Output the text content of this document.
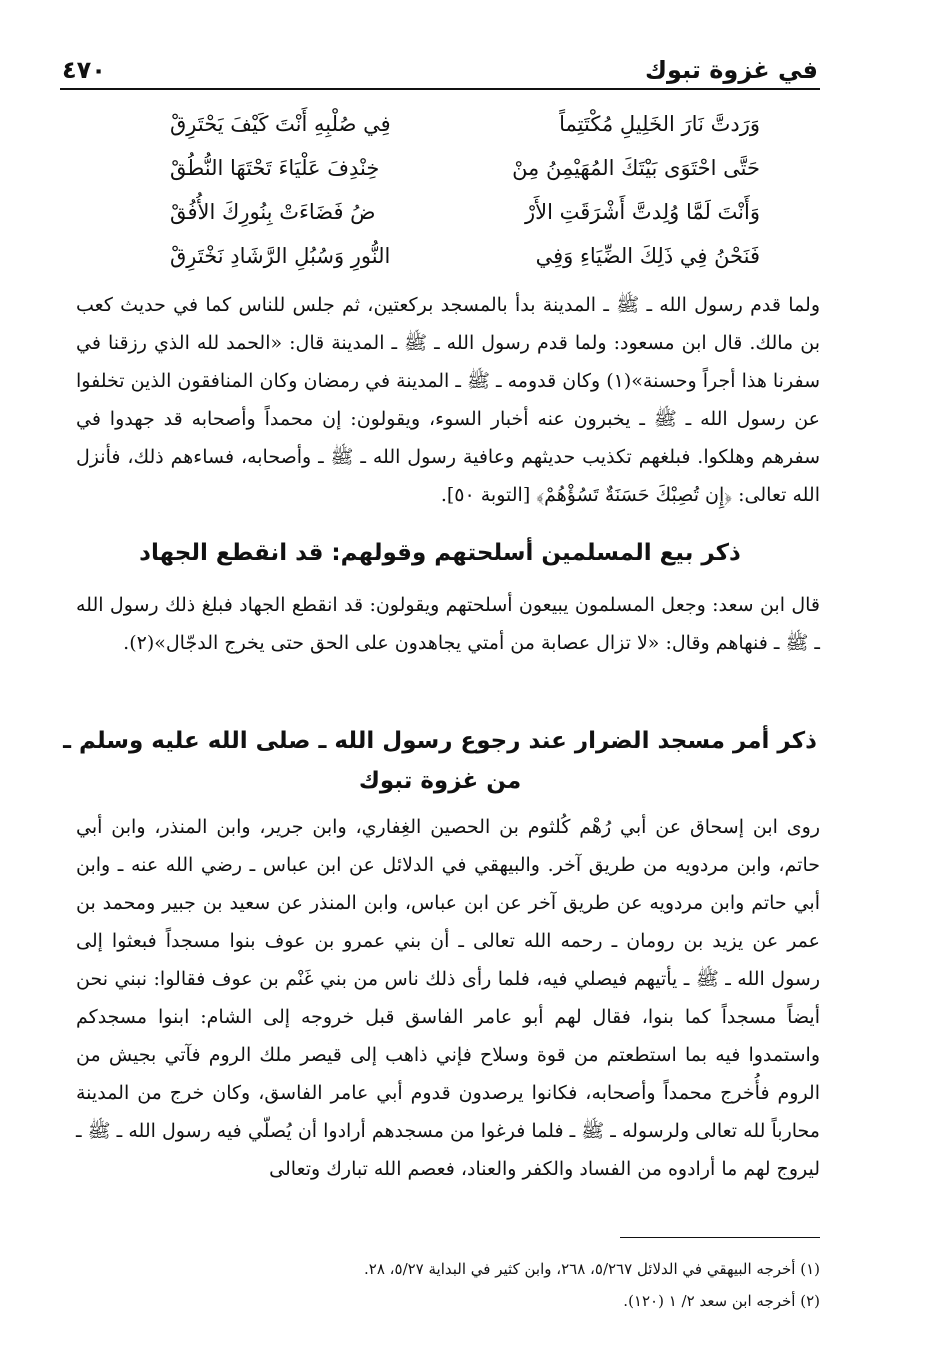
في غزوة تبوك
٤٧٠
وَرَدتَّ نَارَ الخَلِيلِ مُكْتَتِماً
فِي صُلْبِهِ أَنْتَ كَيْفَ يَحْتَرِقْ
حَتَّى احْتَوَى بَيْتَكَ المُهَيْمِنُ مِنْ
خِنْدِفَ عَلْيَاءَ تَحْتَهَا النُّطُقْ
وَأَنْتَ لَمَّا وُلِدتَّ أَشْرَقَتِ الأَرْ
ضُ فَضَاءَتْ بِنُورِكَ الأُفُقْ
فَنَحْنُ فِي ذَلِكَ الضِّيَاءِ وَفِي
النُّورِ وَسُبُلِ الرَّشَادِ نَخْتَرِقْ

ولما قدم رسول الله ـ ﷺ ـ المدينة بدأ بالمسجد بركعتين، ثم جلس للناس كما في حديث كعب بن مالك. قال ابن مسعود: ولما قدم رسول الله ـ ﷺ ـ المدينة قال: «الحمد لله الذي رزقنا في سفرنا هذا أجراً وحسنة»(١) وكان قدومه ـ ﷺ ـ المدينة في رمضان وكان المنافقون الذين تخلفوا عن رسول الله ـ ﷺ ـ يخبرون عنه أخبار السوء، ويقولون: إن محمداً وأصحابه قد جهدوا في سفرهم وهلكوا. فبلغهم تكذيب حديثهم وعافية رسول الله ـ ﷺ ـ وأصحابه، فساءهم ذلك، فأنزل الله تعالى: ﴿إِن تُصِبْكَ حَسَنَةٌ تَسُؤْهُمْ﴾ [التوبة ٥٠].

ذكر بيع المسلمين أسلحتهم وقولهم: قد انقطع الجهاد

قال ابن سعد: وجعل المسلمون يبيعون أسلحتهم ويقولون: قد انقطع الجهاد فبلغ ذلك رسول الله ـ ﷺ ـ فنهاهم وقال: «لا تزال عصابة من أمتي يجاهدون على الحق حتى يخرج الدجّال»(٢).

ذكر أمر مسجد الضرار عند رجوع رسول الله ـ صلى الله عليه وسلم ـ
من غزوة تبوك

روى ابن إسحاق عن أبي رُهْم كُلثوم بن الحصين الغِفاري، وابن جرير، وابن المنذر، وابن أبي حاتم، وابن مردويه من طريق آخر. والبيهقي في الدلائل عن ابن عباس ـ رضي الله عنه ـ وابن أبي حاتم وابن مردويه عن طريق آخر عن ابن عباس، وابن المنذر عن سعيد بن جبير ومحمد بن عمر عن يزيد بن رومان ـ رحمه الله تعالى ـ أن بني عمرو بن عوف بنوا مسجداً فبعثوا إلى رسول الله ـ ﷺ ـ يأتيهم فيصلي فيه، فلما رأى ذلك ناس من بني غَنْم بن عوف فقالوا: نبني نحن أيضاً مسجداً كما بنوا، فقال لهم أبو عامر الفاسق قبل خروجه إلى الشام: ابنوا مسجدكم واستمدوا فيه بما استطعتم من قوة وسلاح فإني ذاهب إلى قيصر ملك الروم فآتي بجيش من الروم فأُخرج محمداً وأصحابه، فكانوا يرصدون قدوم أبي عامر الفاسق، وكان خرج من المدينة محارباً لله تعالى ولرسوله ـ ﷺ ـ فلما فرغوا من مسجدهم أرادوا أن يُصلّي فيه رسول الله ـ ﷺ ـ ليروج لهم ما أرادوه من الفساد والكفر والعناد، فعصم الله تبارك وتعالى

(١) أخرجه البيهقي في الدلائل ٥/٢٦٧، ٢٦٨، وابن كثير في البداية ٥/٢٧، ٢٨.

(٢) أخرجه ابن سعد ٢/ ١ (١٢٠).
